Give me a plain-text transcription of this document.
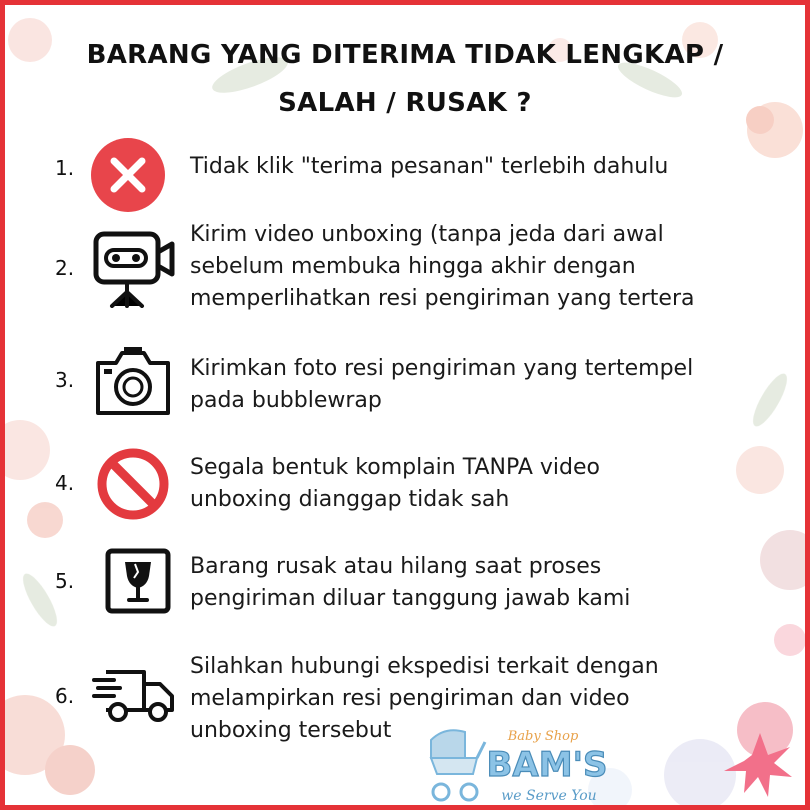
BARANG YANG DITERIMA TIDAK LENGKAP /
SALAH / RUSAK ?
1.	Tidak klik "terima pesanan" terlebih dahulu

2.

Kirim video unboxing (tanpa jeda dari awal
sebelum membuka hingga akhir dengan
memperlihatkan resi pengiriman yang tertera

3.	Kirimkan foto resi pengiriman yang tertempel
pada bubblewrap

4.

Segala bentuk komplain TANPA video
unboxing dianggap tidak sah

5.

Barang rusak atau hilang saat proses
pengiriman diluar tanggung jawab kami

6.

Silahkan hubungi ekspedisi terkait dengan
melampirkan resi pengiriman dan video
unboxing tersebut	Baby Shop
BAM'S
we Serve You
